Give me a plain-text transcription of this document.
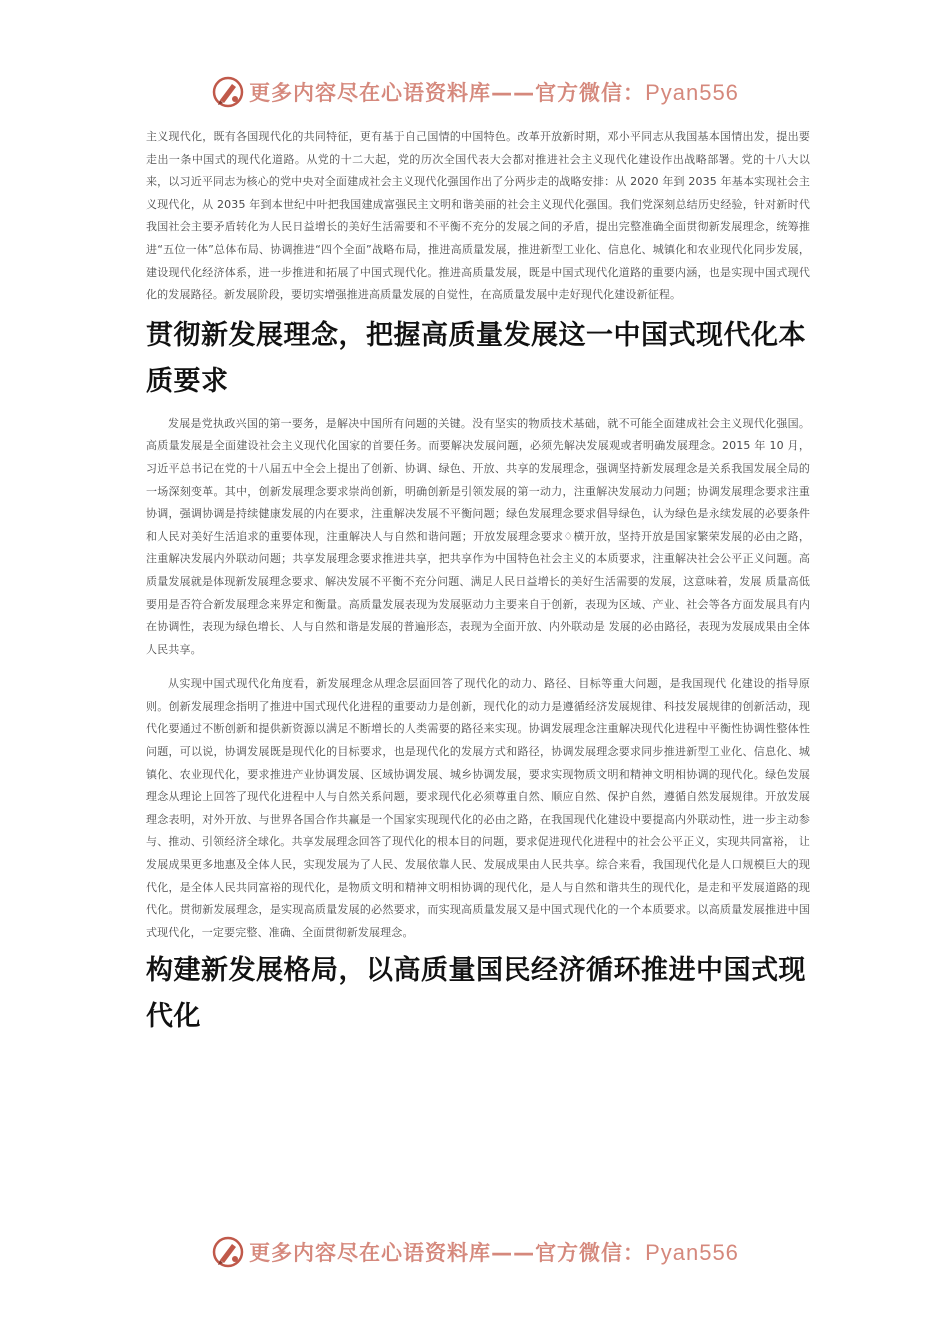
更多内容尽在心语资料库——官方微信：Pyan556

主义现代化，既有各国现代化的共同特征，更有基于自己国情的中国特色。改革开放新时期，邓小平同志从我国基本国情出发，提出要走出一条中国式的现代化道路。从党的十二大起，党的历次全国代表大会都对推进社会主义现代化建设作出战略部署。党的十八大以来，以习近平同志为核心的党中央对全面建成社会主义现代化强国作出了分两步走的战略安排：从 2020 年到 2035 年基本实现社会主义现代化，从 2035 年到本世纪中叶把我国建成富强民主文明和谐美丽的社会主义现代化强国。我们党深刻总结历史经验，针对新时代我国社会主要矛盾转化为人民日益增长的美好生活需要和不平衡不充分的发展之间的矛盾，提出完整准确全面贯彻新发展理念，统筹推进“五位一体”总体布局、协调推进“四个全面”战略布局，推进高质量发展，推进新型工业化、信息化、城镇化和农业现代化同步发展，建设现代化经济体系，进一步推进和拓展了中国式现代化。推进高质量发展，既是中国式现代化道路的重要内涵，也是实现中国式现代化的发展路径。新发展阶段，要切实增强推进高质量发展的自觉性，在高质量发展中走好现代化建设新征程。

贯彻新发展理念，把握高质量发展这一中国式现代化本质要求

发展是党执政兴国的第一要务，是解决中国所有问题的关键。没有坚实的物质技术基础，就不可能全面建成社会主义现代化强国。高质量发展是全面建设社会主义现代化国家的首要任务。而要解决发展问题，必须先解决发展观或者明确发展理念。2015 年 10 月，习近平总书记在党的十八届五中全会上提出了创新、协调、绿色、开放、共享的发展理念，强调坚持新发展理念是关系我国发展全局的一场深刻变革。其中，创新发展理念要求崇尚创新，明确创新是引领发展的第一动力，注重解决发展动力问题；协调发展理念要求注重协调，强调协调是持续健康发展的内在要求，注重解决发展不平衡问题；绿色发展理念要求倡导绿色，认为绿色是永续发展的必要条件和人民对美好生活追求的重要体现，注重解决人与自然和谐问题；开放发展理念要求♢横开放，坚持开放是国家繁荣发展的必由之路，注重解决发展内外联动问题；共享发展理念要求推进共享，把共享作为中国特色社会主义的本质要求，注重解决社会公平正义问题。高质量发展就是体现新发展理念要求、解决发展不平衡不充分问题、满足人民日益增长的美好生活需要的发展，这意味着，发展 质量高低要用是否符合新发展理念来界定和衡量。高质量发展表现为发展驱动力主要来自于创新，表现为区域、产业、社会等各方面发展具有内在协调性，表现为绿色增长、人与自然和谐是发展的普遍形态，表现为全面开放、内外联动是 发展的必由路径，表现为发展成果由全体人民共享。

从实现中国式现代化角度看，新发展理念从理念层面回答了现代化的动力、路径、目标等重大问题，是我国现代 化建设的指导原则。创新发展理念指明了推进中国式现代化进程的重要动力是创新，现代化的动力是遵循经济发展规律、科技发展规律的创新活动，现代化要通过不断创新和提供新资源以满足不断增长的人类需要的路径来实现。协调发展理念注重解决现代化进程中平衡性协调性整体性问题，可以说，协调发展既是现代化的目标要求，也是现代化的发展方式和路径，协调发展理念要求同步推进新型工业化、信息化、城镇化、农业现代化，要求推进产业协调发展、区域协调发展、城乡协调发展，要求实现物质文明和精神文明相协调的现代化。绿色发展理念从理论上回答了现代化进程中人与自然关系问题，要求现代化必须尊重自然、顺应自然、保护自然，遵循自然发展规律。开放发展理念表明，对外开放、与世界各国合作共赢是一个国家实现现代化的必由之路，在我国现代化建设中要提高内外联动性，进一步主动参与、推动、引领经济全球化。共享发展理念回答了现代化的根本目的问题，要求促进现代化进程中的社会公平正义，实现共同富裕， 让发展成果更多地惠及全体人民，实现发展为了人民、发展依靠人民、发展成果由人民共享。综合来看，我国现代化是人口规模巨大的现代化，是全体人民共同富裕的现代化，是物质文明和精神文明相协调的现代化，是人与自然和谐共生的现代化，是走和平发展道路的现代化。贯彻新发展理念，是实现高质量发展的必然要求，而实现高质量发展又是中国式现代化的一个本质要求。以高质量发展推进中国式现代化，一定要完整、准确、全面贯彻新发展理念。

构建新发展格局，以高质量国民经济循环推进中国式现代化
更多内容尽在心语资料库——官方微信：Pyan556
